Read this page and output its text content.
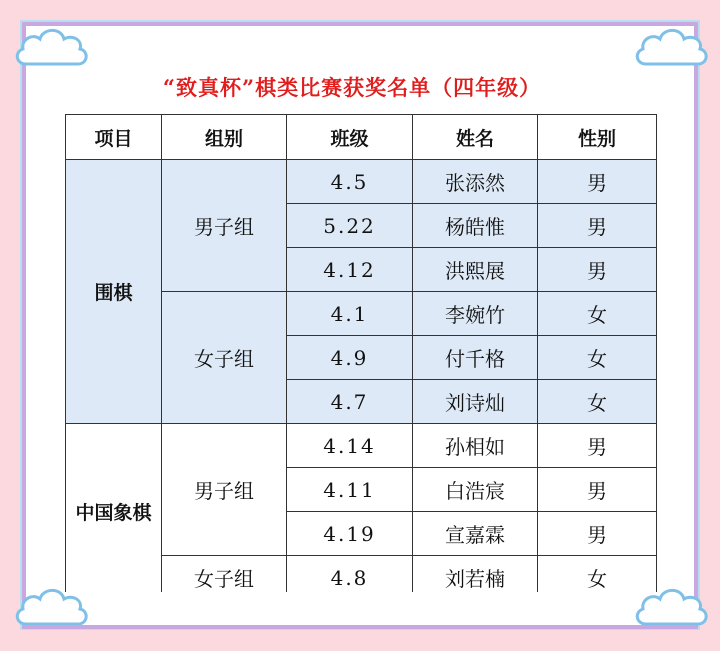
“致真杯”棋类比赛获奖名单（四年级）
项目	组别	班级	姓名	性别
围棋	男子组	4.5	张添然	男
		5.22	杨皓惟	男
		4.12	洪熙展	男
	女子组	4.1	李婉竹	女
		4.9	付千格	女
		4.7	刘诗灿	女
中国象棋	男子组	4.14	孙相如	男
		4.11	白浩宸	男
		4.19	宣嘉霖	男
	女子组	4.8	刘若楠	女
